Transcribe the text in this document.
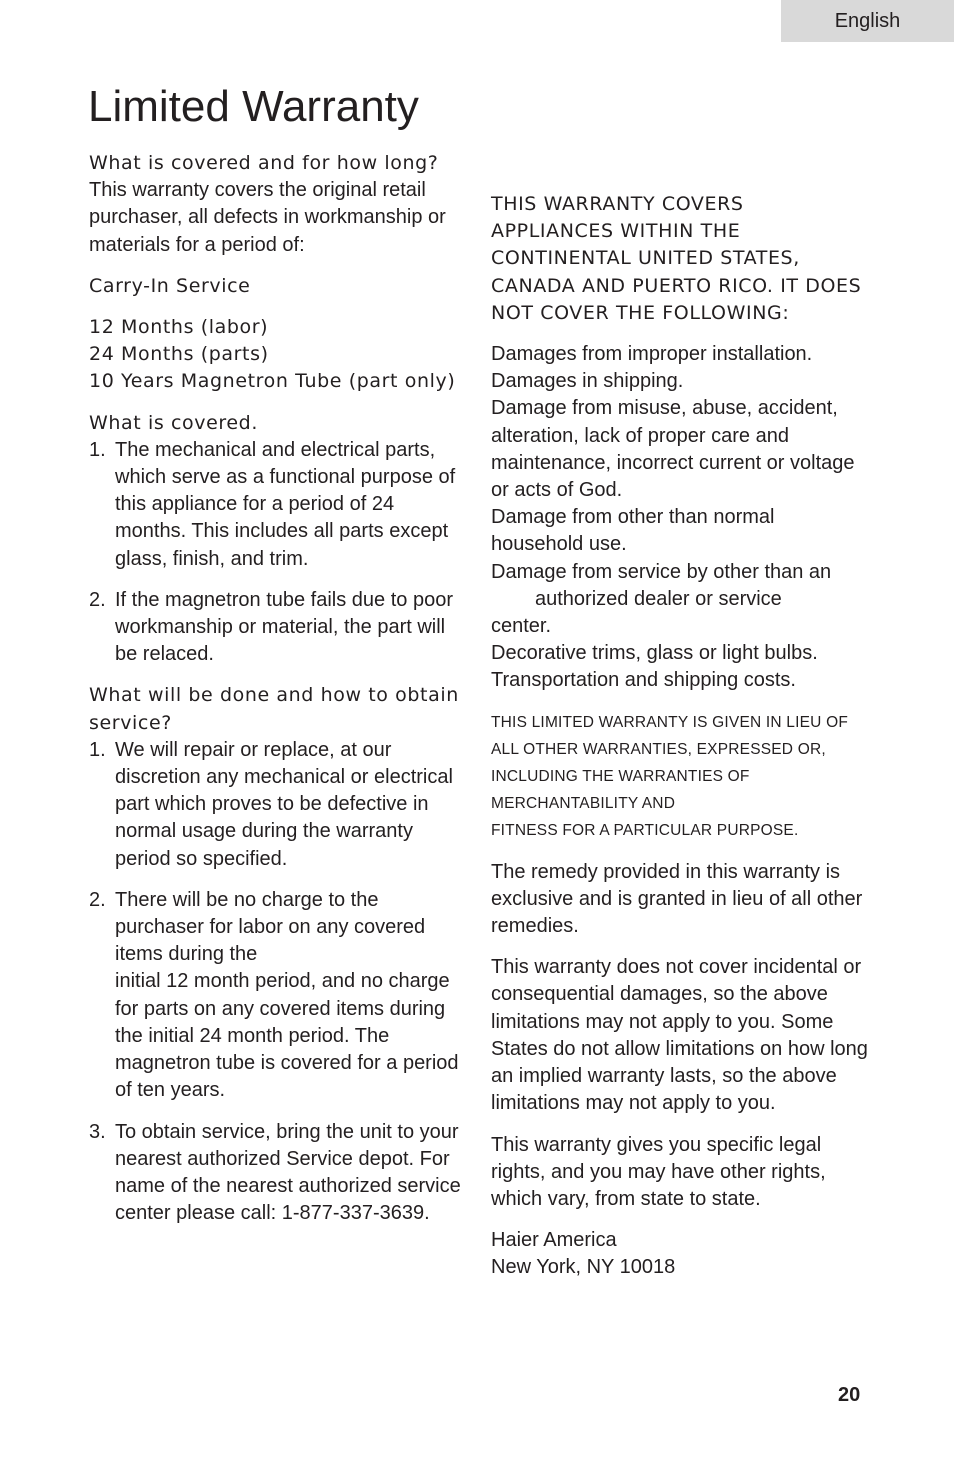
English
Limited Warranty

What is covered and for how long?

This warranty covers the original retail purchaser, all defects in workmanship or materials for a period of:

Carry-In Service

12 Months (labor)

24 Months (parts)

10 Years Magnetron Tube (part only)

What is covered.

1. The mechanical and electrical parts, which serve as a functional purpose of this appliance for a period of 24 months. This includes all parts except glass, finish, and trim.
2. If the magnetron tube fails due to poor workmanship or material, the part will be relaced.

What will be done and how to obtain service?

1. We will repair or replace, at our discretion any mechanical or electrical part which proves to be defective in normal usage during the warranty period so specified.
2. There will be no charge to the purchaser for labor on any covered items during the
initial 12 month period, and no charge for parts on any covered items during the initial 24 month period. The magnetron tube is covered for a period of ten years.
3. To obtain service, bring the unit to your nearest authorized Service depot. For name of the nearest authorized service center please call: 1-877-337-3639.

THIS WARRANTY COVERS APPLIANCES WITHIN THE CONTINENTAL UNITED STATES, CANADA AND PUERTO RICO. IT DOES NOT COVER THE FOLLOWING:

Damages from improper installation.

Damages in shipping.

Damage from misuse, abuse, accident, alteration, lack of proper care and maintenance, incorrect current or voltage or acts of God.

Damage from other than normal household use.

Damage from service by other than an

authorized dealer or service

center.

Decorative trims, glass or light bulbs.

Transportation and shipping costs.

THIS LIMITED WARRANTY IS GIVEN IN LIEU OF

ALL OTHER WARRANTIES, EXPRESSED OR,

INCLUDING THE WARRANTIES OF

MERCHANTABILITY AND

FITNESS FOR A PARTICULAR PURPOSE.

The remedy provided in this warranty is exclusive and is granted in lieu of all other remedies.

This warranty does not cover incidental or consequential damages, so the above limitations may not apply to you. Some States do not allow limitations on how long an implied warranty lasts, so the above limitations may not apply to you.

This warranty gives you specific legal rights, and you may have other rights, which vary, from state to state.

Haier America

New York, NY 10018

20
